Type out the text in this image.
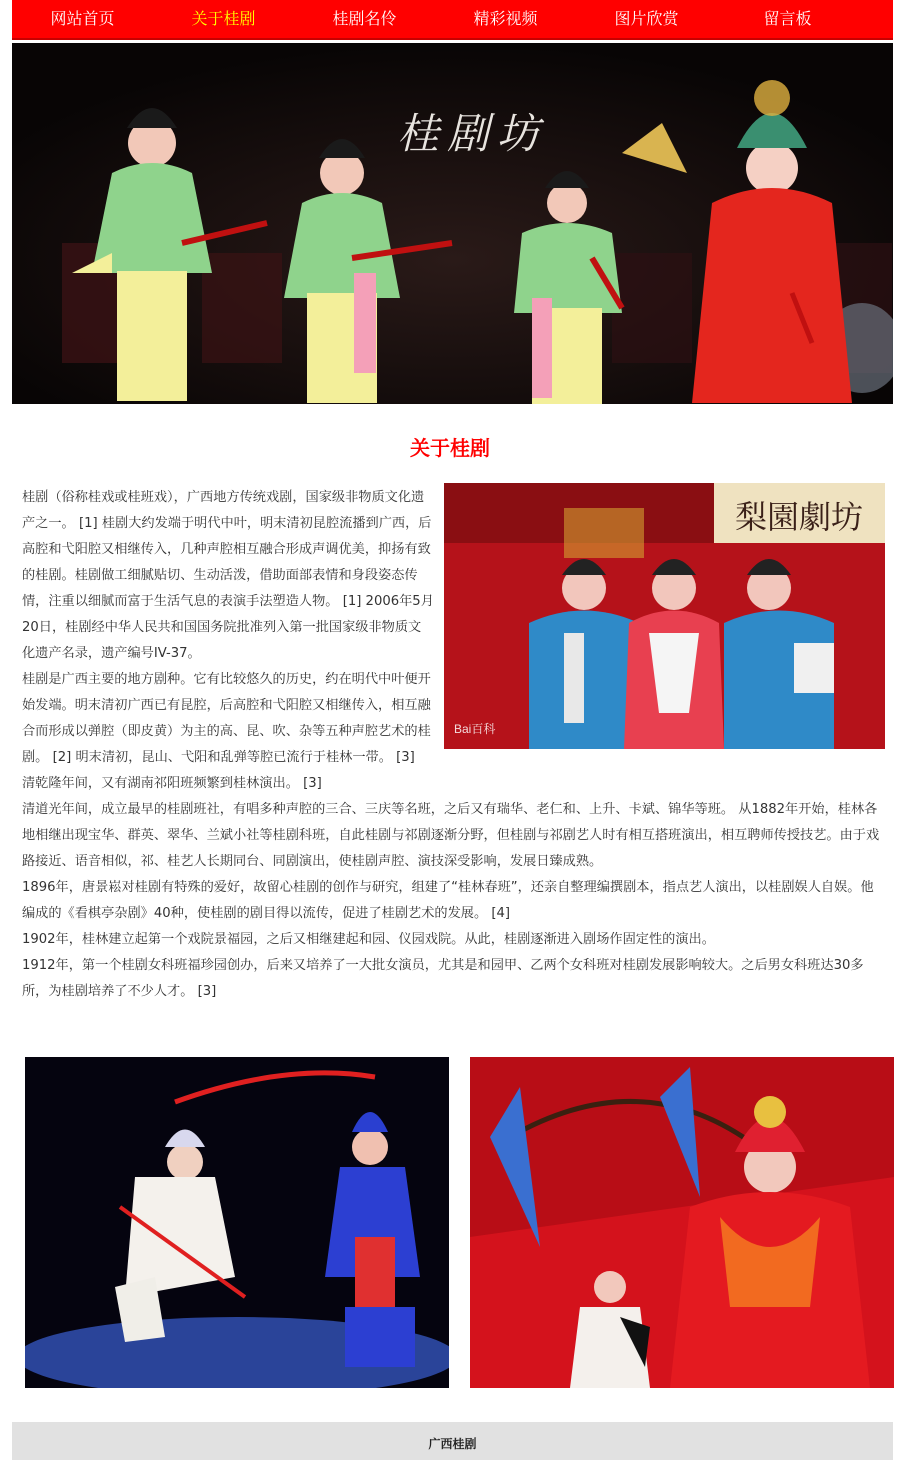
网站首页	关于桂剧	桂剧名伶	精彩视频	图片欣赏	留言板
桂剧坊
关于桂剧
梨園劇坊
Bai百科

桂剧（俗称桂戏或桂班戏），广西地方传统戏剧，国家级非物质文化遗产之一。 [1] 桂剧大约发端于明代中叶，明末清初昆腔流播到广西，后高腔和弋阳腔又相继传入，几种声腔相互融合形成声调优美，抑扬有致的桂剧。桂剧做工细腻贴切、生动活泼，借助面部表情和身段姿态传情，注重以细腻而富于生活气息的表演手法塑造人物。 [1] 2006年5月20日，桂剧经中华人民共和国国务院批准列入第一批国家级非物质文化遗产名录，遗产编号IV-37。

桂剧是广西主要的地方剧种。它有比较悠久的历史，约在明代中叶便开始发端。明末清初广西已有昆腔，后高腔和弋阳腔又相继传入，相互融合而形成以弹腔（即皮黄）为主的高、昆、吹、杂等五种声腔艺术的桂剧。 [2] 明末清初，昆山、弋阳和乱弹等腔已流行于桂林一带。 [3]

清乾隆年间，又有湖南祁阳班频繁到桂林演出。 [3]

清道光年间，成立最早的桂剧班社，有唱多种声腔的三合、三庆等名班，之后又有瑞华、老仁和、上升、卡斌、锦华等班。 从1882年开始，桂林各地相继出现宝华、群英、翠华、兰斌小社等桂剧科班，自此桂剧与祁剧逐渐分野，但桂剧与祁剧艺人时有相互搭班演出，相互聘师传授技艺。由于戏路接近、语音相似，祁、桂艺人长期同台、同剧演出，使桂剧声腔、演技深受影响，发展日臻成熟。

1896年，唐景崧对桂剧有特殊的爱好，故留心桂剧的创作与研究，组建了“桂林春班”，还亲自整理编撰剧本，指点艺人演出，以桂剧娱人自娱。他编成的《看棋亭杂剧》40种，使桂剧的剧目得以流传，促进了桂剧艺术的发展。 [4]

1902年，桂林建立起第一个戏院景福园，之后又相继建起和园、仪园戏院。从此，桂剧逐渐进入剧场作固定性的演出。

1912年，第一个桂剧女科班福珍园创办，后来又培养了一大批女演员，尤其是和园甲、乙两个女科班对桂剧发展影响较大。之后男女科班达30多所，为桂剧培养了不少人才。 [3]

广西桂剧
